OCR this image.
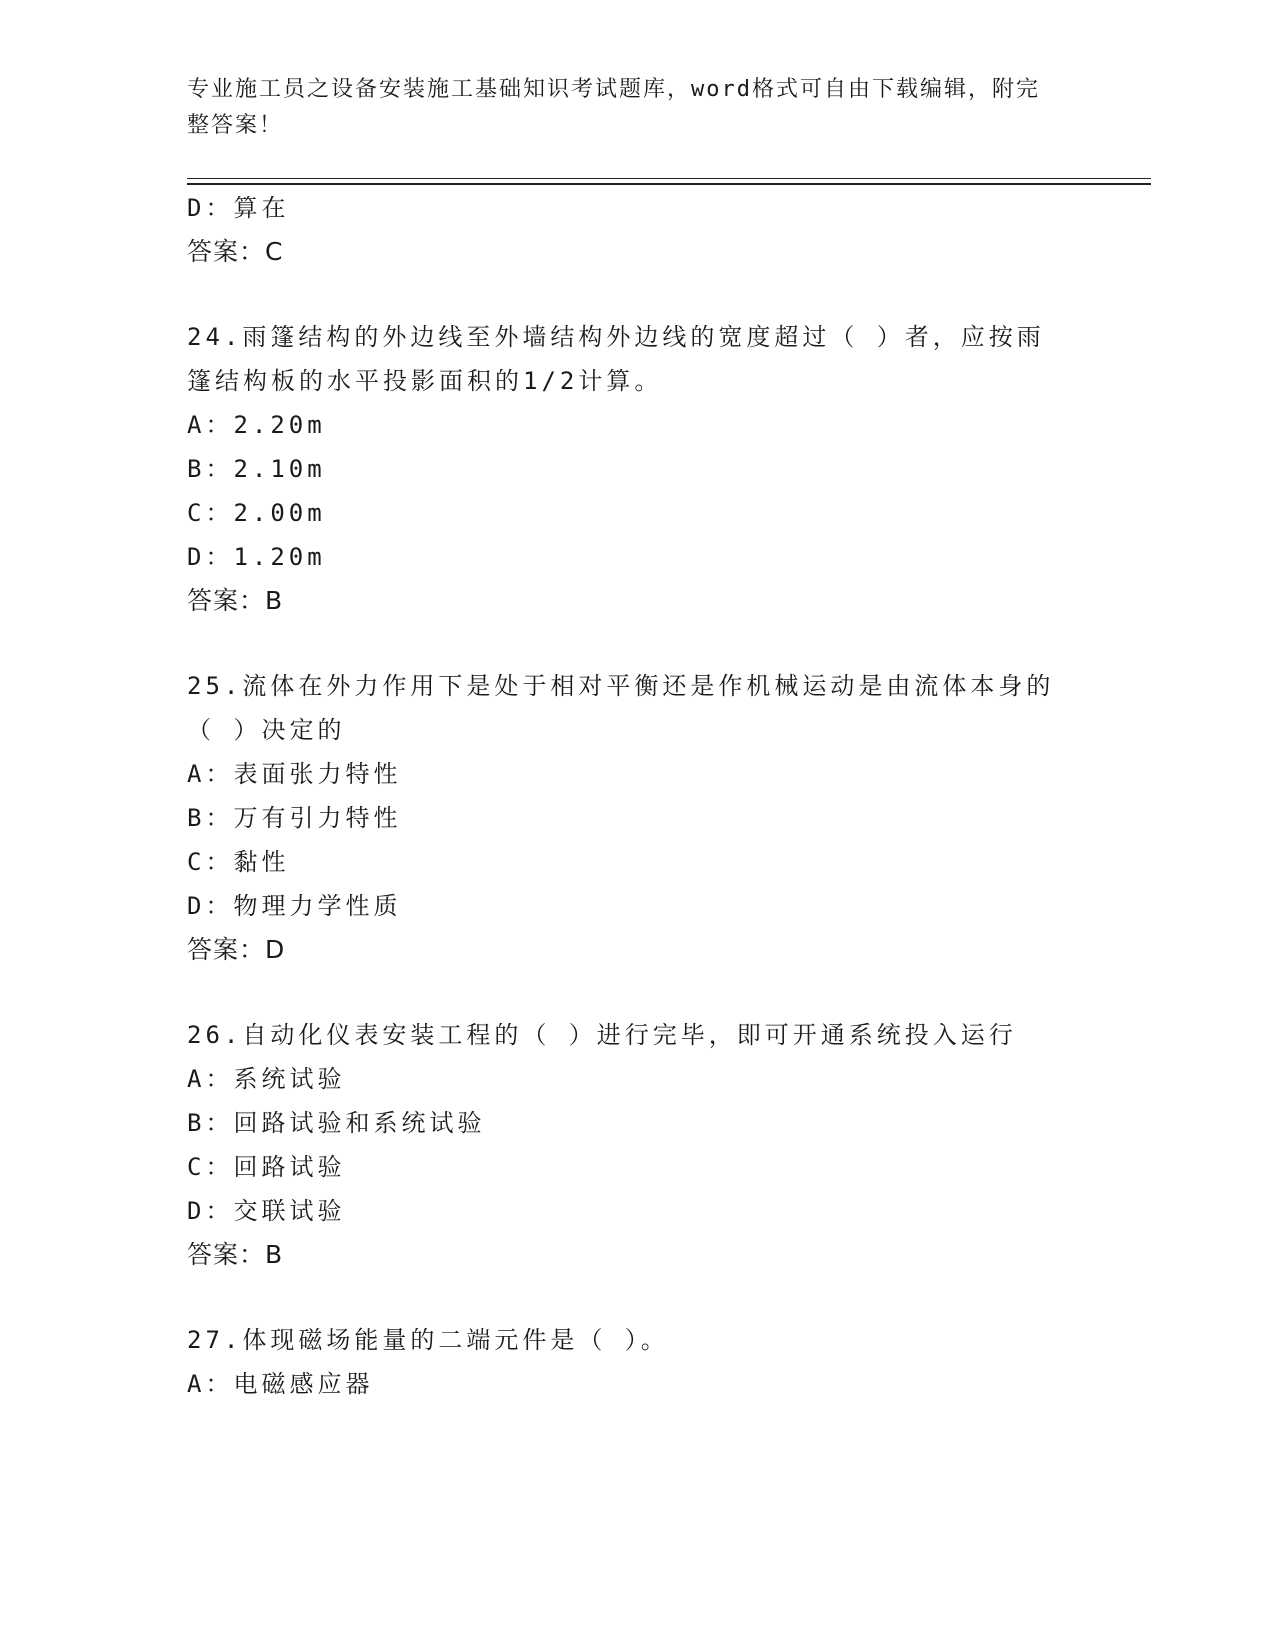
专业施工员之设备安装施工基础知识考试题库，word格式可自由下载编辑，附完
整答案！
D：算在
答案：C
24.雨篷结构的外边线至外墙结构外边线的宽度超过（ ）者，应按雨
篷结构板的水平投影面积的1/2计算。
A：2.20m
B：2.10m
C：2.00m
D：1.20m
答案：B
25.流体在外力作用下是处于相对平衡还是作机械运动是由流体本身的
（ ）决定的
A：表面张力特性
B：万有引力特性
C：黏性
D：物理力学性质
答案：D
26.自动化仪表安装工程的（ ）进行完毕，即可开通系统投入运行
A：系统试验
B：回路试验和系统试验
C：回路试验
D：交联试验
答案：B
27.体现磁场能量的二端元件是（ ）。
A：电磁感应器
